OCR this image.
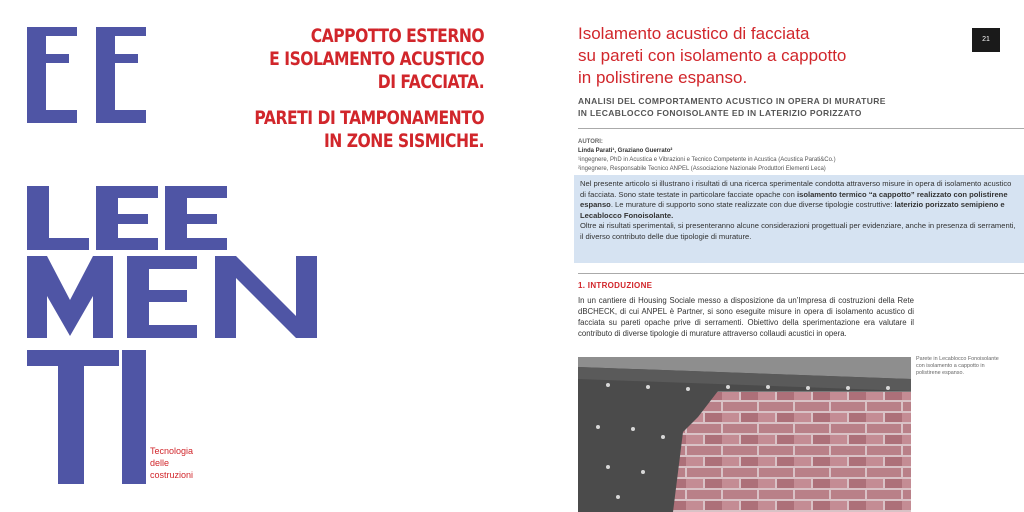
CAPPOTTO ESTERNO
E ISOLAMENTO ACUSTICO
DI FACCIATA.
PARETI DI TAMPONAMENTO
IN ZONE SISMICHE.
Tecnologia
delle
costruzioni
Isolamento acustico di facciata
su pareti con isolamento a cappotto
in polistirene espanso.
21
ANALISI DEL COMPORTAMENTO ACUSTICO IN OPERA DI MURATURE
IN LECABLOCCO FONOISOLANTE ED IN LATERIZIO PORIZZATO
AUTORI:
Linda Parati¹, Graziano Guerrato²
¹ingegnere, PhD in Acustica e Vibrazioni e Tecnico Competente in Acustica (Acustica Parati&Co.)
²ingegnere, Responsabile Tecnico ANPEL (Associazione Nazionale Produttori Elementi Leca)

Nel presente articolo si illustrano i risultati di una ricerca sperimentale condotta attraverso misure in opera di isolamento acustico di facciata. Sono state testate in particolare facciate opache con isolamento termico “a cappotto” realizzato con polistirene espanso. Le murature di supporto sono state realizzate con due diverse tipologie costruttive: laterizio porizzato semipieno e Lecablocco Fonoisolante.

Oltre ai risultati sperimentali, si presenteranno alcune considerazioni progettuali per evidenziare, anche in presenza di serramenti, il diverso contributo delle due tipologie di murature.

1. INTRODUZIONE
In un cantiere di Housing Sociale messo a disposizione da un’Impresa di costruzioni della Rete dBCHECK, di cui ANPEL è Partner, si sono eseguite misure in opera di isolamento acustico di facciata su pareti opache prive di serramenti. Obiettivo della sperimentazione era valutare il contributo di diverse tipologie di murature attraverso collaudi acustici in opera.
Parete in Lecablocco Fonoisolante con isolamento a cappotto in polistirene espanso.
